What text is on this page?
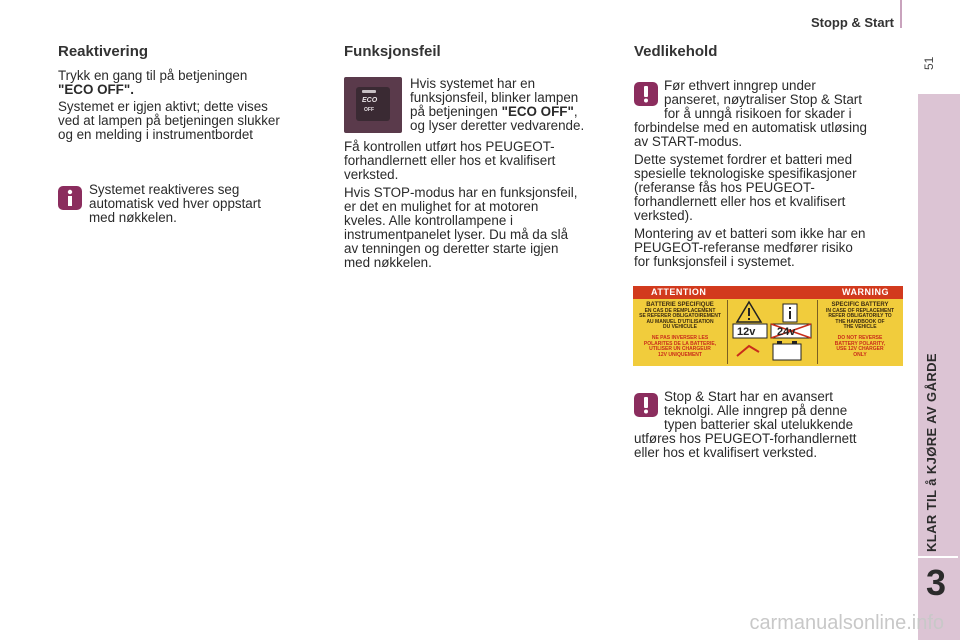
Stopp & Start
51
KLAR TIL å KJØRE AV GÅRDE
3
Reaktivering

Trykk en gang til på betjeningen
"ECO OFF".

Systemet er igjen aktivt; dette vises
ved at lampen på betjeningen slukker
og en melding i instrumentbordet

Systemet reaktiveres seg
automatisk ved hver oppstart
med nøkkelen.

Funksjonsfeil
ECO
OFF

Hvis systemet har en
funksjonsfeil, blinker lampen
på betjeningen "ECO OFF",
og lyser deretter vedvarende.

Få kontrollen utført hos PEUGEOT-
forhandlernett eller hos et kvalifisert
verksted.

Hvis STOP-modus har en funksjonsfeil,
er det en mulighet for at motoren
kveles. Alle kontrollampene i
instrumentpanelet lyser. Du må da slå
av tenningen og deretter starte igjen
med nøkkelen.

Vedlikehold

Før ethvert inngrep under
panseret, nøytraliser Stop & Start
for å unngå risikoen for skader i

forbindelse med en automatisk utløsing
av START-modus.

Dette systemet fordrer et batteri med
spesielle teknologiske spesifikasjoner
(referanse fås hos PEUGEOT-
forhandlernett eller hos et kvalifisert
verksted).

Montering av et batteri som ikke har en
PEUGEOT-referanse medfører risiko
for funksjonsfeil i systemet.

ATTENTION	WARNING
BATTERIE SPECIFIQUE
EN CAS DE REMPLACEMENT
SE REFERER OBLIGATOIREMENT
AU MANUEL D'UTILISATION
DU VEHICULE
NE PAS INVERSER LES
POLARITES DE LA BATTERIE,
UTILISER UN CHARGEUR
12V UNIQUEMENT
SPECIFIC BATTERY
IN CASE OF REPLACEMENT
REFER OBLIGATORILY TO
THE HANDBOOK OF
THE VEHICLE
DO NOT REVERSE
BATTERY POLARITY,
USE 12V CHARGER
ONLY
12v 24v

Stop & Start har en avansert
teknolgi. Alle inngrep på denne
typen batterier skal utelukkende

utføres hos PEUGEOT-forhandlernett
eller hos et kvalifisert verksted.

carmanualsonline.info
